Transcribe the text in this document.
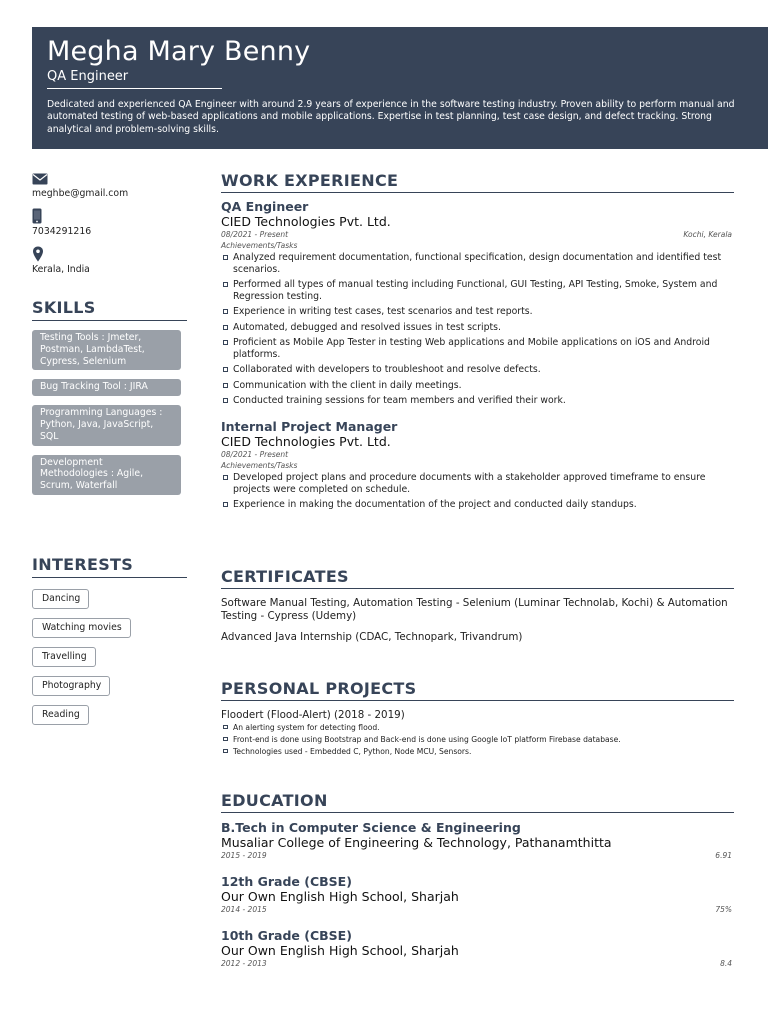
Megha Mary Benny
QA Engineer
Dedicated and experienced QA Engineer with around 2.9 years of experience in the software testing industry. Proven ability to perform manual and automated testing of web-based applications and mobile applications. Expertise in test planning, test case design, and defect tracking. Strong analytical and problem-solving skills.
meghbe@gmail.com
7034291216
Kerala, India
SKILLS
Testing Tools : Jmeter, Postman, LambdaTest, Cypress, Selenium
Bug Tracking Tool : JIRA
Programming Languages : Python, Java, JavaScript, SQL
Development Methodologies : Agile, Scrum, Waterfall
INTERESTS
Dancing
Watching movies
Travelling
Photography
Reading
WORK EXPERIENCE
QA Engineer
CIED Technologies Pvt. Ltd.
08/2021 - Present	Kochi, Kerala
Achievements/Tasks
Analyzed requirement documentation, functional specification, design documentation and identified test scenarios.
Performed all types of manual testing including Functional, GUI Testing, API Testing, Smoke, System and Regression testing.
Experience in writing test cases, test scenarios and test reports.
Automated, debugged and resolved issues in test scripts.
Proficient as Mobile App Tester in testing Web applications and Mobile applications on iOS and Android platforms.
Collaborated with developers to troubleshoot and resolve defects.
Communication with the client in daily meetings.
Conducted training sessions for team members and verified their work.
Internal Project Manager
CIED Technologies Pvt. Ltd.
08/2021 - Present
Achievements/Tasks
Developed project plans and procedure documents with a stakeholder approved timeframe to ensure projects were completed on schedule.
Experience in making the documentation of the project and conducted daily standups.
CERTIFICATES
Software Manual Testing, Automation Testing - Selenium (Luminar Technolab, Kochi) & Automation Testing - Cypress (Udemy)
Advanced Java Internship (CDAC, Technopark, Trivandrum)
PERSONAL PROJECTS
Floodert (Flood-Alert) (2018 - 2019)
An alerting system for detecting flood.
Front-end is done using Bootstrap and Back-end is done using Google IoT platform Firebase database.
Technologies used - Embedded C, Python, Node MCU, Sensors.
EDUCATION
B.Tech in Computer Science & Engineering
Musaliar College of Engineering & Technology, Pathanamthitta
2015 - 2019	6.91
12th Grade (CBSE)
Our Own English High School, Sharjah
2014 - 2015	75%
10th Grade (CBSE)
Our Own English High School, Sharjah
2012 - 2013	8.4
